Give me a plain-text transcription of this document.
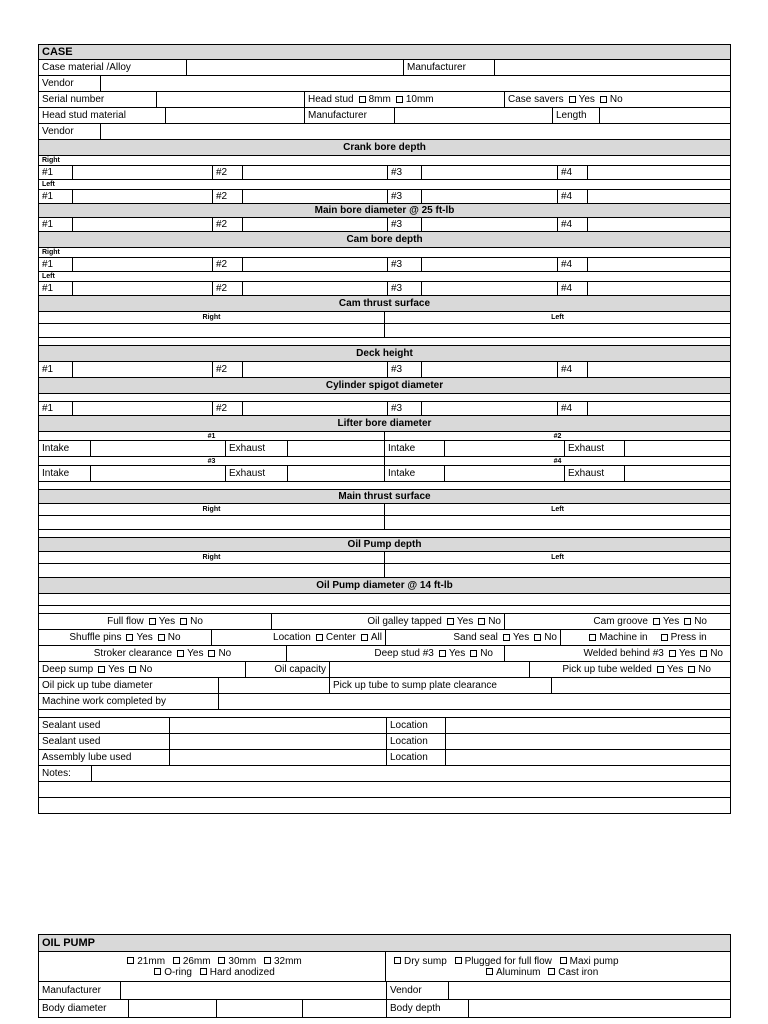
CASE
Case material /Alloy	Manufacturer
Vendor
Serial number	Head stud 8mm 10mm	Case savers Yes No
Head stud material	Manufacturer	Length
Vendor
Crank bore depth
Right
#1	#2	#3	#4
Left
#1	#2	#3	#4
Main bore diameter @ 25 ft-lb
#1	#2	#3	#4
Cam bore depth
Right
#1	#2	#3	#4
Left
#1	#2	#3	#4
Cam thrust surface
Right	Left
Deck height
#1	#2	#3	#4
Cylinder spigot diameter
#1	#2	#3	#4
Lifter bore diameter
#1	#2
Intake	Exhaust	Intake	Exhaust
#3	#4
Intake	Exhaust	Intake	Exhaust
Main thrust surface
Right	Left
Oil Pump depth
Right	Left
Oil Pump diameter @ 14 ft-lb
Full flow Yes No	Oil galley tapped Yes No	Cam groove Yes No
Shuffle pins Yes No	Location Center All	Sand seal Yes No	Machine in Press in
Stroker clearance Yes No	Deep stud #3 Yes No	Welded behind #3 Yes No
Deep sump Yes No	Oil capacity	Pick up tube welded Yes No
Oil pick up tube diameter	Pick up tube to sump plate clearance
Machine work completed by
Sealant used	Location
Sealant used	Location
Assembly lube used	Location
Notes:
OIL PUMP
21mm 26mm 30mm 32mm
O-ring Hard anodized
Dry sump Plugged for full flow Maxi pump
Aluminum Cast iron
Manufacturer	Vendor
Body diameter	Body depth
